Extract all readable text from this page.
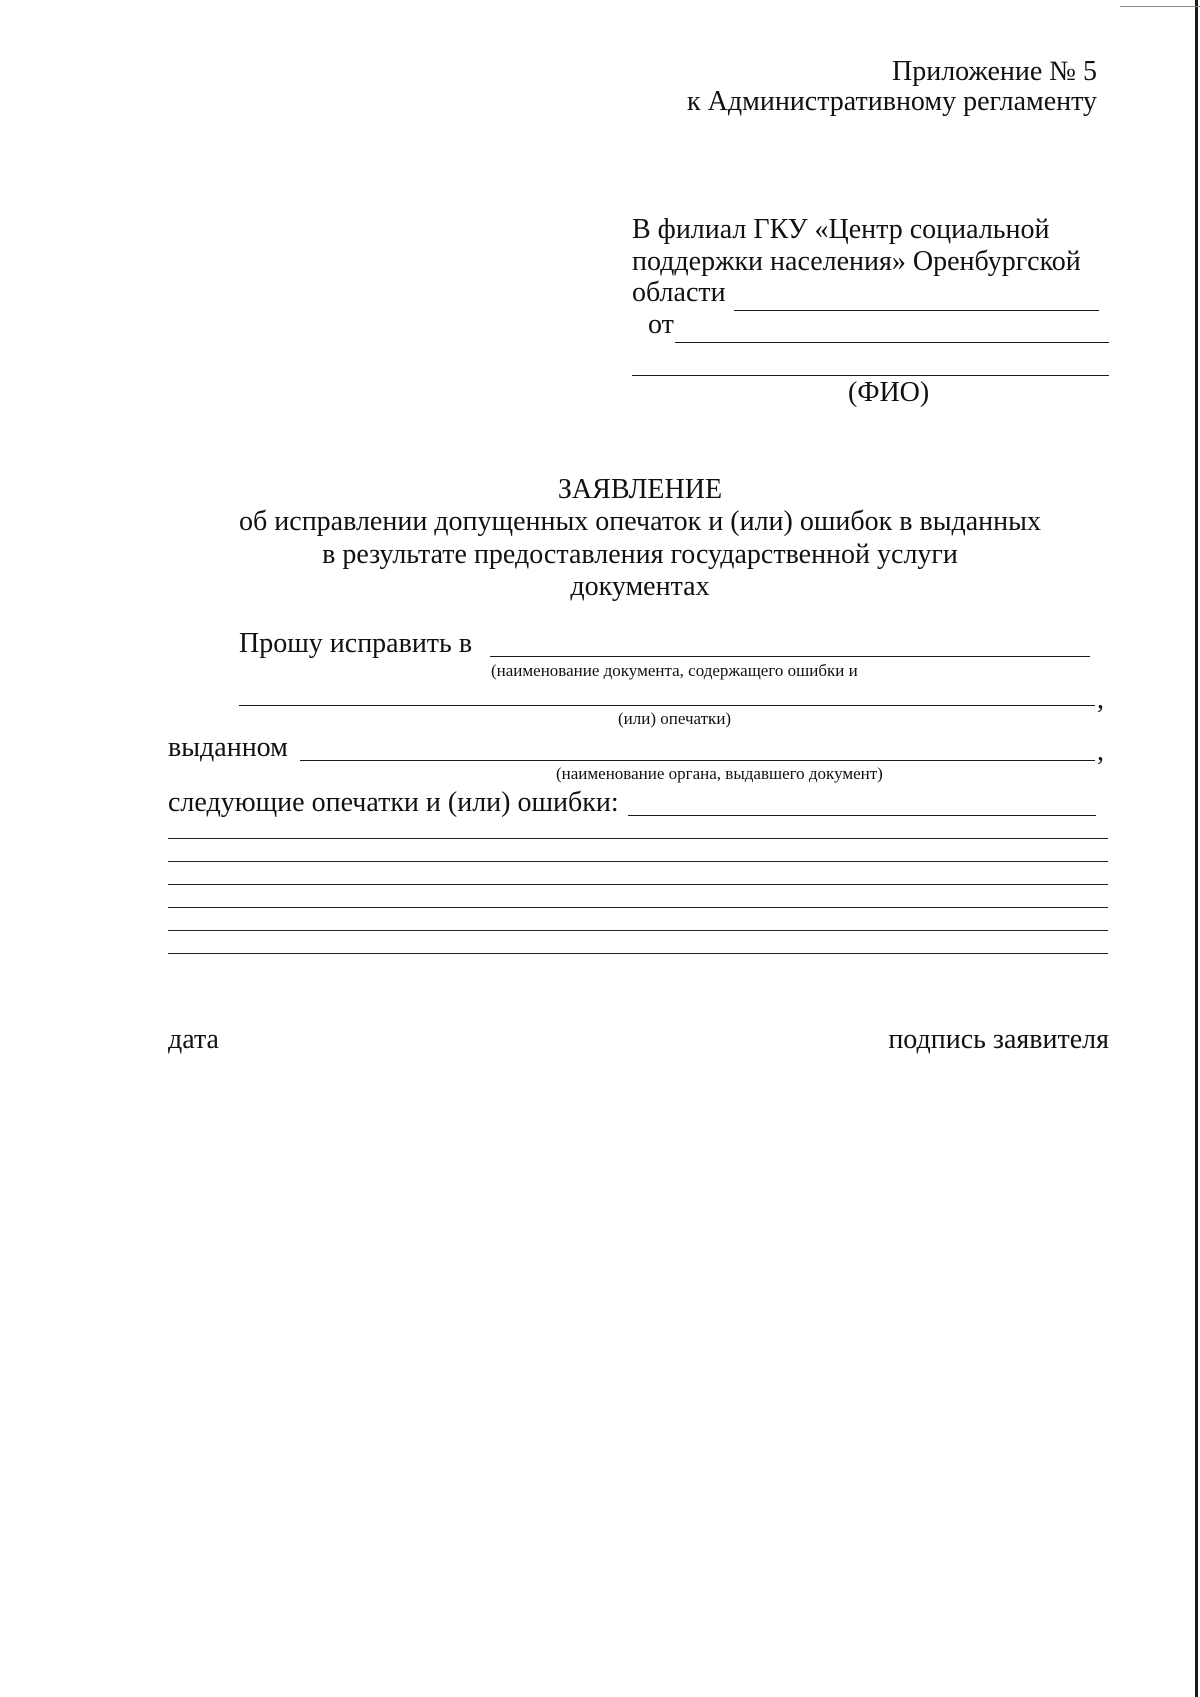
Приложение № 5
к Административному регламенту
В филиал ГКУ «Центр социальной
поддержки населения» Оренбургской
области
от
(ФИО)
ЗАЯВЛЕНИЕ
об исправлении допущенных опечаток и (или) ошибок в выданных
в результате предоставления государственной услуги
документах
Прошу исправить в
(наименование документа, содержащего ошибки и
,
(или) опечатки)
выданном	,
(наименование органа, выдавшего документ)
следующие опечатки и (или) ошибки:
дата	подпись заявителя
